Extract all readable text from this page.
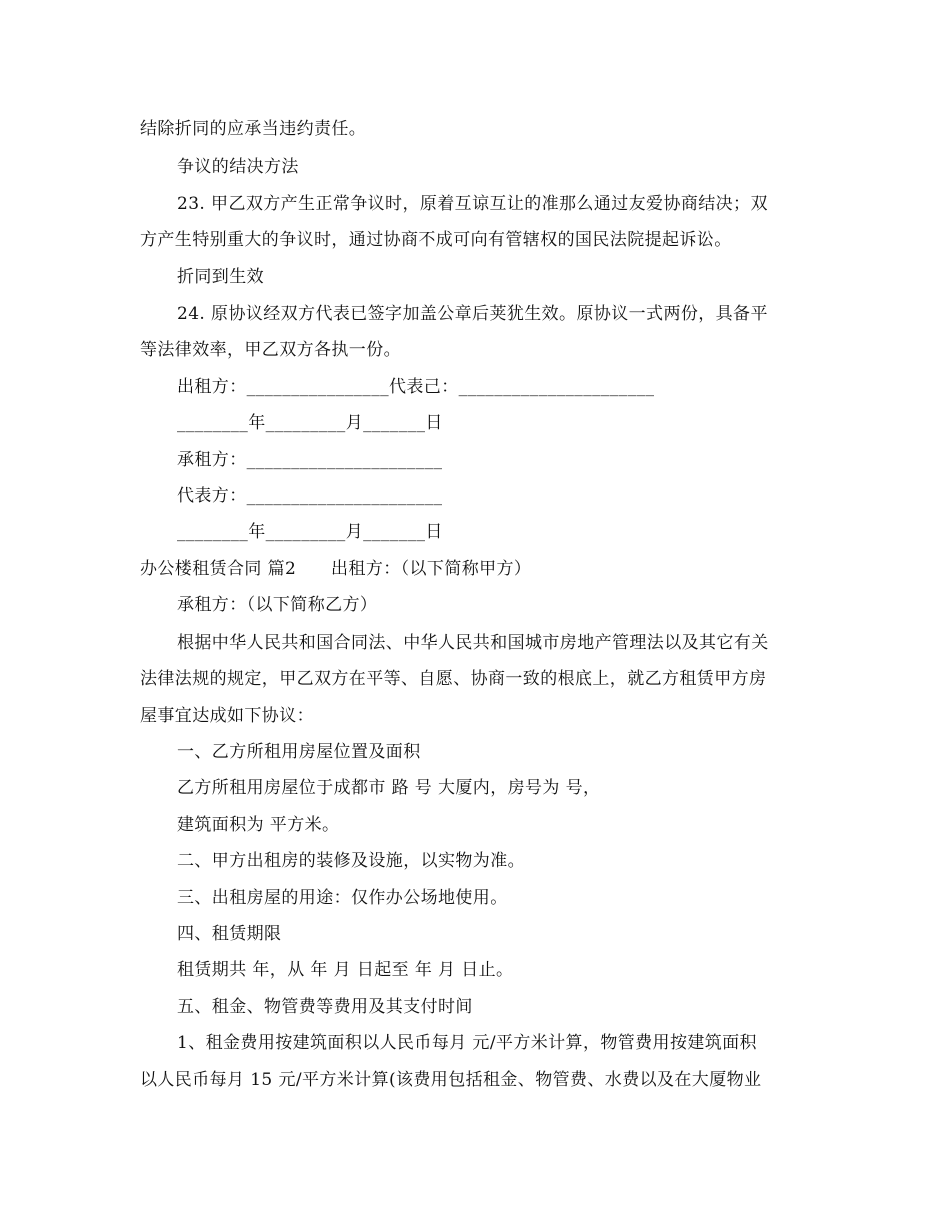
结除折同的应承当违约责任。
争议的结决方法
23. 甲乙双方产生正常争议时，原着互谅互让的准那么通过友爱协商结决；双
方产生特别重大的争议时，通过协商不成可向有管辖权的国民法院提起诉讼。
折同到生效
24. 原协议经双方代表已签字加盖公章后荚犹生效。原协议一式两份，具备平
等法律效率，甲乙双方各执一份。
出租方：________________代表己：______________________
________年_________月_______日
承租方：______________________
代表方：______________________
________年_________月_______日
办公楼租赁合同 篇2　　出租方：（以下简称甲方）
承租方：（以下简称乙方）
根据中华人民共和国合同法、中华人民共和国城市房地产管理法以及其它有关
法律法规的规定，甲乙双方在平等、自愿、协商一致的根底上，就乙方租赁甲方房
屋事宜达成如下协议：
一、乙方所租用房屋位置及面积
乙方所租用房屋位于成都市 路 号 大厦内，房号为 号，
建筑面积为 平方米。
二、甲方出租房的装修及设施，以实物为准。
三、出租房屋的用途：仅作办公场地使用。
四、租赁期限
租赁期共 年，从 年 月 日起至 年 月 日止。
五、租金、物管费等费用及其支付时间
1、租金费用按建筑面积以人民币每月 元/平方米计算，物管费用按建筑面积
以人民币每月 15 元/平方米计算(该费用包括租金、物管费、水费以及在大厦物业
